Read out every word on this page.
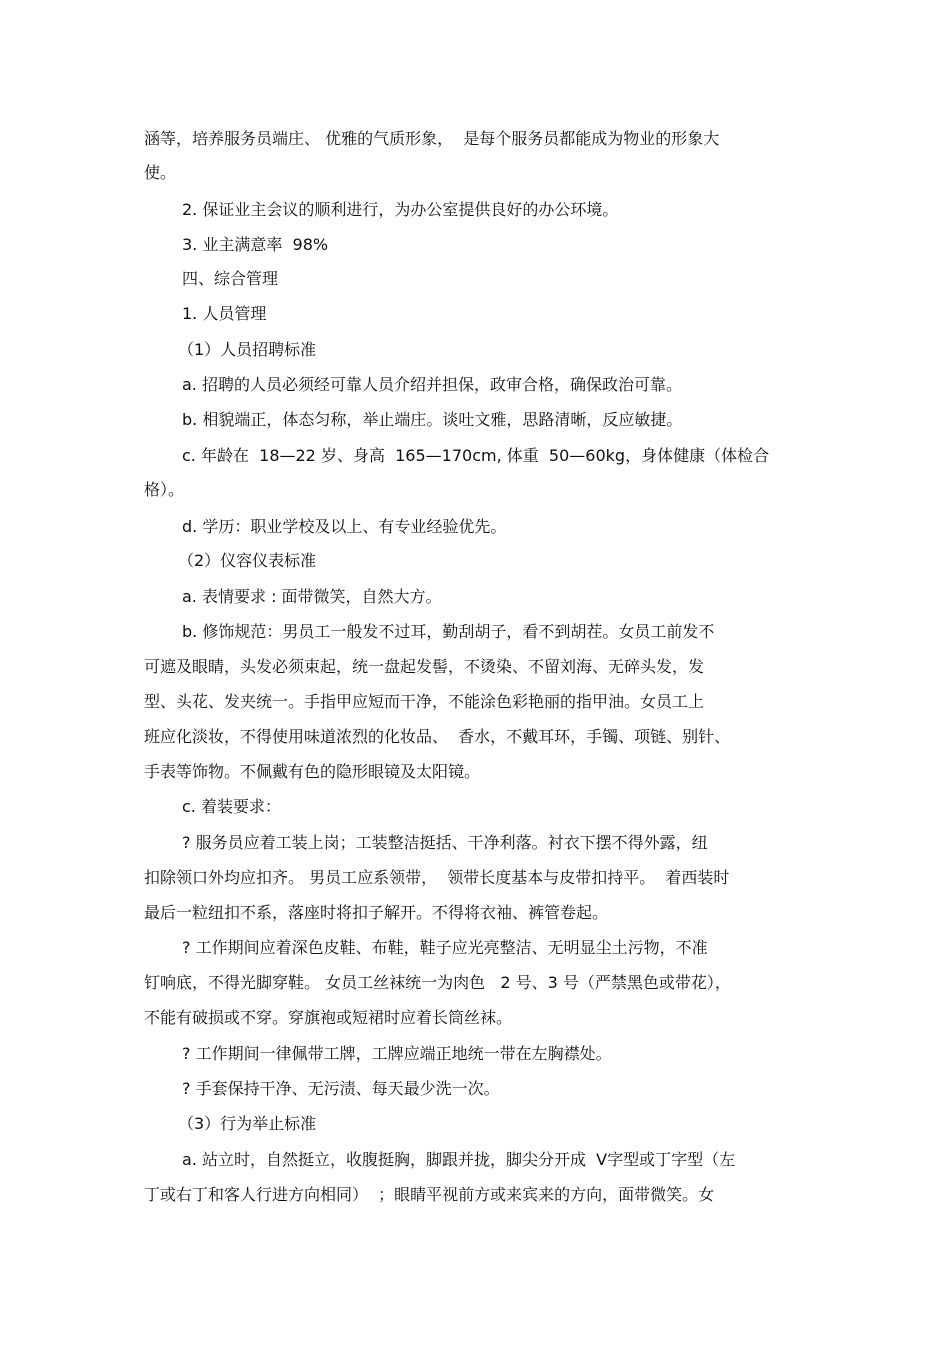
涵等，培养服务员端庄、 优雅的气质形象，  是每个服务员都能成为物业的形象大

使。

2. 保证业主会议的顺利进行，为办公室提供良好的办公环境。

3. 业主满意率  98%

四、综合管理

1. 人员管理

（1）人员招聘标准

a. 招聘的人员必须经可靠人员介绍并担保，政审合格，确保政治可靠。

b. 相貌端正，体态匀称，举止端庄。谈吐文雅，思路清晰，反应敏捷。

c. 年龄在  18—22 岁、身高  165—170cm, 体重  50—60kg，身体健康（体检合

格）。

d. 学历：职业学校及以上、有专业经验优先。

（2）仪容仪表标准

a. 表情要求 : 面带微笑，自然大方。

b. 修饰规范：男员工一般发不过耳，勤刮胡子，看不到胡茬。女员工前发不

可遮及眼睛，头发必须束起，统一盘起发髻，不烫染、不留刘海、无碎头发，发

型、头花、发夹统一。手指甲应短而干净，不能涂色彩艳丽的指甲油。女员工上

班应化淡妆，不得使用味道浓烈的化妆品、  香水，不戴耳环，手镯、项链、别针、

手表等饰物。不佩戴有色的隐形眼镜及太阳镜。

c. 着装要求：

? 服务员应着工装上岗；工装整洁挺括、干净利落。衬衣下摆不得外露，纽

扣除领口外均应扣齐。 男员工应系领带，  领带长度基本与皮带扣持平。  着西装时

最后一粒纽扣不系，落座时将扣子解开。不得将衣袖、裤管卷起。

? 工作期间应着深色皮鞋、布鞋，鞋子应光亮整洁、无明显尘土污物，不准

钉响底，不得光脚穿鞋。 女员工丝袜统一为肉色   2 号、3 号（严禁黑色或带花），

不能有破损或不穿。穿旗袍或短裙时应着长筒丝袜。

? 工作期间一律佩带工牌，工牌应端正地统一带在左胸襟处。

? 手套保持干净、无污渍、每天最少洗一次。

（3）行为举止标准

a. 站立时，自然挺立，收腹挺胸，脚跟并拢，脚尖分开成  V字型或丁字型（左

丁或右丁和客人行进方向相同）  ；眼睛平视前方或来宾来的方向，面带微笑。女
